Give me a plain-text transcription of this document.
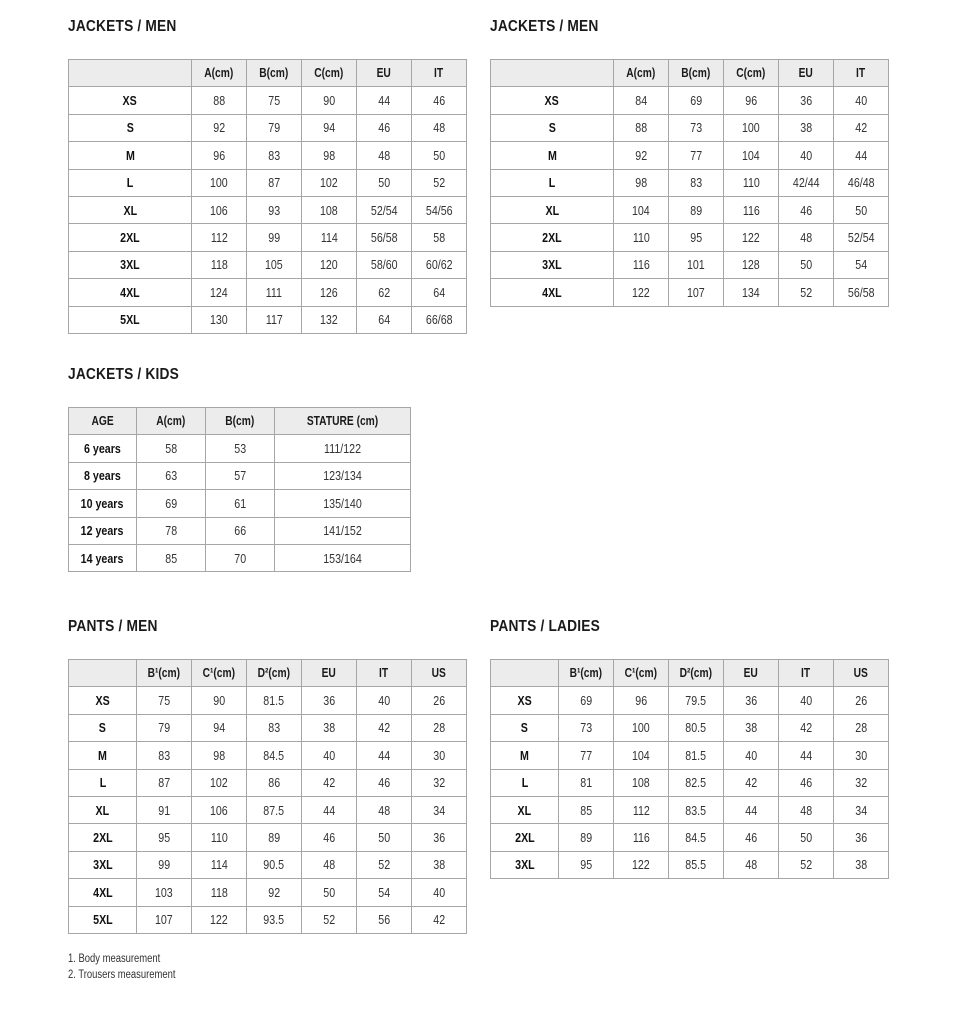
JACKETS / MEN
	A(cm)	B(cm)	C(cm)	EU	IT
XS	88	75	90	44	46
S	92	79	94	46	48
M	96	83	98	48	50
L	100	87	102	50	52
XL	106	93	108	52/54	54/56
2XL	112	99	114	56/58	58
3XL	118	105	120	58/60	60/62
4XL	124	111	126	62	64
5XL	130	117	132	64	66/68
JACKETS / MEN
	A(cm)	B(cm)	C(cm)	EU	IT
XS	84	69	96	36	40
S	88	73	100	38	42
M	92	77	104	40	44
L	98	83	110	42/44	46/48
XL	104	89	116	46	50
2XL	110	95	122	48	52/54
3XL	116	101	128	50	54
4XL	122	107	134	52	56/58
JACKETS / KIDS
AGE	A(cm)	B(cm)	STATURE (cm)
6 years	58	53	111/122
8 years	63	57	123/134
10 years	69	61	135/140
12 years	78	66	141/152
14 years	85	70	153/164
PANTS / MEN
	B¹(cm)	C¹(cm)	D²(cm)	EU	IT	US
XS	75	90	81.5	36	40	26
S	79	94	83	38	42	28
M	83	98	84.5	40	44	30
L	87	102	86	42	46	32
XL	91	106	87.5	44	48	34
2XL	95	110	89	46	50	36
3XL	99	114	90.5	48	52	38
4XL	103	118	92	50	54	40
5XL	107	122	93.5	52	56	42
PANTS / LADIES
	B¹(cm)	C¹(cm)	D²(cm)	EU	IT	US
XS	69	96	79.5	36	40	26
S	73	100	80.5	38	42	28
M	77	104	81.5	40	44	30
L	81	108	82.5	42	46	32
XL	85	112	83.5	44	48	34
2XL	89	116	84.5	46	50	36
3XL	95	122	85.5	48	52	38
1. Body measurement
2. Trousers measurement
